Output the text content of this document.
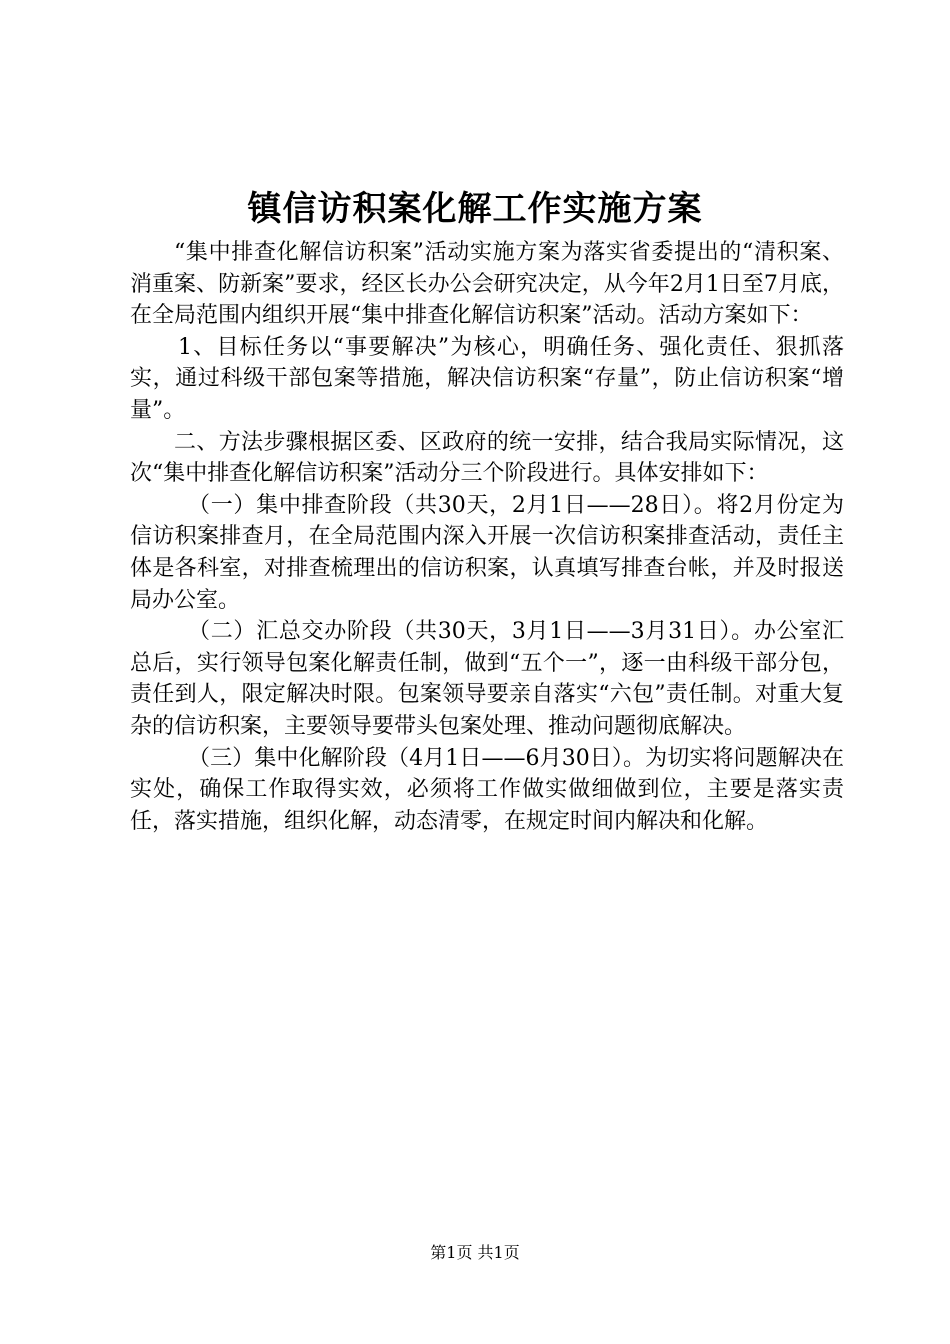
镇信访积案化解工作实施方案

“集中排查化解信访积案”活动实施方案为落实省委提出的“清积案、消重案、防新案”要求，经区长办公会研究决定，从今年2月1日至7月底，在全局范围内组织开展“集中排查化解信访积案”活动。活动方案如下：

1、目标任务以“事要解决”为核心，明确任务、强化责任、狠抓落实，通过科级干部包案等措施，解决信访积案“存量”，防止信访积案“增量”。

二、方法步骤根据区委、区政府的统一安排，结合我局实际情况，这次“集中排查化解信访积案”活动分三个阶段进行。具体安排如下：

（一）集中排查阶段（共30天，2月1日——28日）。将2月份定为信访积案排查月，在全局范围内深入开展一次信访积案排查活动，责任主体是各科室，对排查梳理出的信访积案，认真填写排查台帐，并及时报送局办公室。

（二）汇总交办阶段（共30天，3月1日——3月31日）。办公室汇总后，实行领导包案化解责任制，做到“五个一”，逐一由科级干部分包，责任到人，限定解决时限。包案领导要亲自落实“六包”责任制。对重大复杂的信访积案，主要领导要带头包案处理、推动问题彻底解决。

（三）集中化解阶段（4月1日——6月30日）。为切实将问题解决在实处，确保工作取得实效，必须将工作做实做细做到位，主要是落实责任，落实措施，组织化解，动态清零，在规定时间内解决和化解。

第1页 共1页
